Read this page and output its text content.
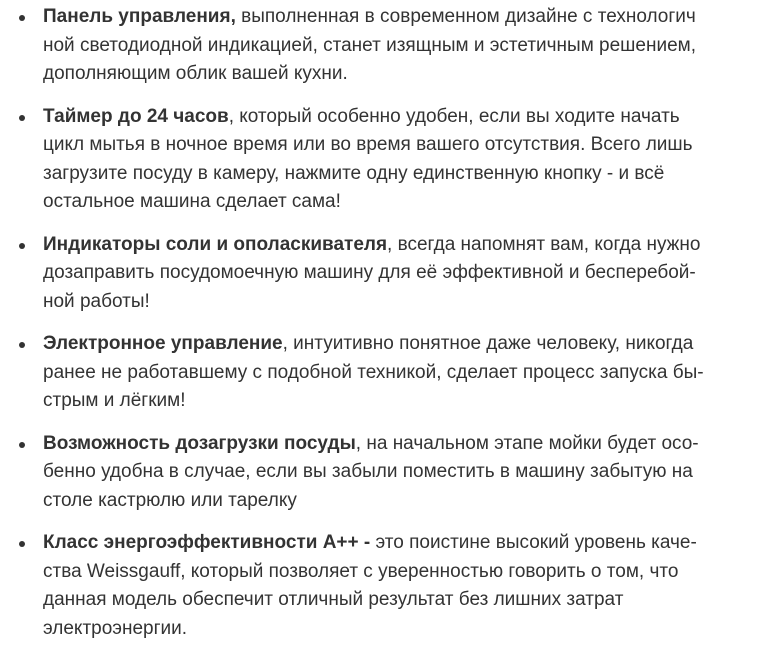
Панель управления, выполненная в современном дизайне с технологич
ной светодиодной индикацией, станет изящным и эстетичным решением,
дополняющим облик вашей кухни.
Таймер до 24 часов, который особенно удобен, если вы ходите начать
цикл мытья в ночное время или во время вашего отсутствия. Всего лишь
загрузите посуду в камеру, нажмите одну единственную кнопку - и всё
остальное машина сделает сама!
Индикаторы соли и ополаскивателя, всегда напомнят вам, когда нужно
дозаправить посудомоечную машину для её эффективной и бесперебой-
ной работы!
Электронное управление, интуитивно понятное даже человеку, никогда
ранее не работавшему с подобной техникой, сделает процесс запуска бы-
стрым и лёгким!
Возможность дозагрузки посуды, на начальном этапе мойки будет осо-
бенно удобна в случае, если вы забыли поместить в машину забытую на
столе кастрюлю или тарелку
Класс энергоэффективности А++ - это поистине высокий уровень каче-
ства Weissgauff, который позволяет с уверенностью говорить о том, что
данная модель обеспечит отличный результат без лишних затрат
электроэнергии.
